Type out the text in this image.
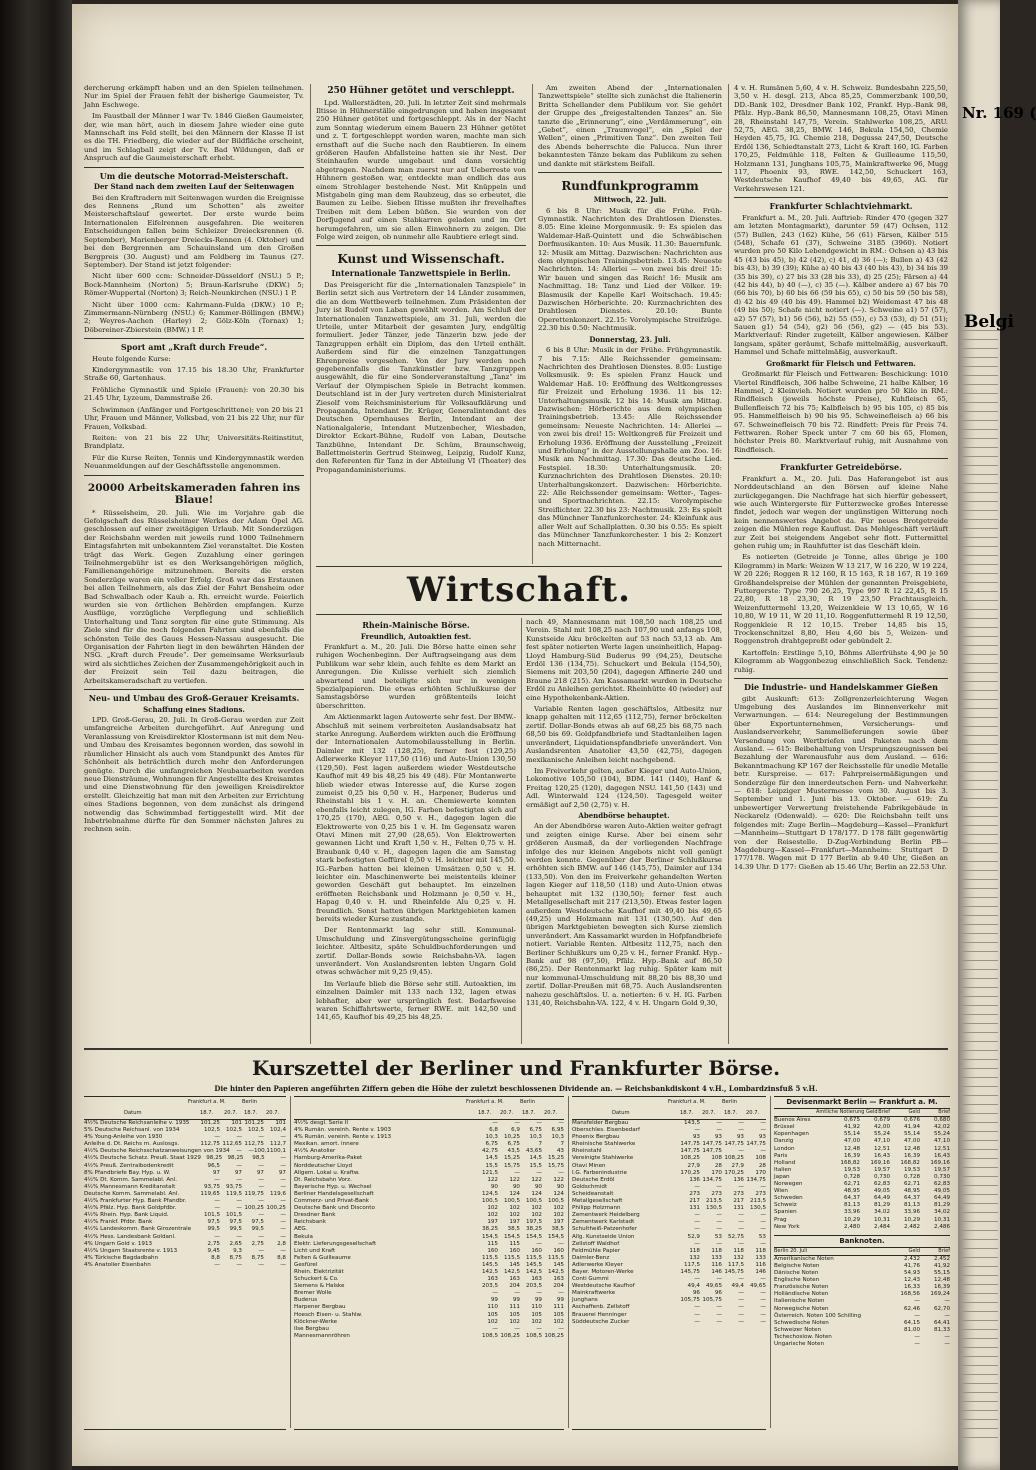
dercherung erkämpft haben und an den Spielen teilnehmen. Nur im Spiel der Frauen fehlt der bisherige Gaumeister, Tv. Jahn Eschwege.

Im Faustball der Männer I war Tv. 1846 Gießen Gaumeister, der, wie man hört, auch in diesem Jahre wieder eine gute Mannschaft ins Feld stellt, bei den Männern der Klasse II ist es die TH. Friedberg, die wieder auf der Bildfläche erscheint, und im Schlagball zeigt der Tv. Bad Wildungen, daß er Anspruch auf die Gaumeisterschaft erhebt.

Um die deutsche Motorrad-Meisterschaft.
Der Stand nach dem zweiten Lauf der Seitenwagen

Bei den Kraftradern mit Seitenwagen wurden die Ereignisse des Rennens „Rund um Schotten“ als zweiter Meisterschaftslauf gewertet. Der erste wurde beim Internationalen Eifelrennen ausgefahren. Die weiteren Entscheidungen fallen beim Schleizer Dreiecksrennen (6. September), Marienberger Dreiecks-Rennen (4. Oktober) und bei den Bergrennen am Schauinsland um den Großen Bergpreis (30. August) und am Feldberg im Taunus (27. September). Der Stand ist jetzt folgender:

Nicht über 600 ccm: Schneider-Düsseldorf (NSU.) 5 P.; Bock-Mannheim (Norton) 5; Braun-Karlsruhe (DKW.) 5; Römer-Wuppertal (Norton) 3; Reich-Neunkirchen (NSU.) 1 P.

Nicht über 1000 ccm: Kahrmann-Fulda (DKW.) 10 P.; Zimmermann-Nürnberg (NSU.) 6; Kammer-Böllingen (BMW.) 2; Weyres-Aachen (Harley) 2; Gölz-Köln (Tornax) 1; Döbereiner-Zbierstein (BMW.) 1 P.

Sport amt „Kraft durch Freude“.

Heute folgende Kurse:

Kindergymnastik: von 17.15 bis 18.30 Uhr, Frankfurter Straße 60, Gartenhaus.

Fröhliche Gymnastik und Spiele (Frauen): von 20.30 bis 21.45 Uhr, Lyzeum, Dammstraße 26.

Schwimmen (Anfänger und Fortgeschrittene): von 20 bis 21 Uhr, Frauen und Männer, Volksbad, von 21 bis 22 Uhr, nur für Frauen, Volksbad.

Reiten: von 21 bis 22 Uhr, Universitäts-Reitinstitut, Brandplatz.

Für die Kurse Reiten, Tennis und Kindergymnastik werden Neuanmeldungen auf der Geschäftsstelle angenommen.

20000 Arbeitskameraden fahren ins Blaue!

* Rüsselsheim, 20. Juli. Wie im Vorjahre gab die Gefolgschaft des Rüsselsheimer Werkes der Adam Opel AG. geschlossen auf einer zweitägigen Urlaub. Mit Sonderzügen der Reichsbahn werden mit jeweils rund 1000 Teilnehmern Eintagsfahrten mit unbekanntem Ziel veranstaltet. Die Kosten trägt das Werk. Gegen Zuzahlung einer geringen Teilnehmergebühr ist es den Werksangehörigen möglich, Familienangehörige mitzunehmen. Bereits die ersten Sonderzüge waren ein voller Erfolg. Groß war das Erstaunen bei allen Teilnehmern, als das Ziel der Fahrt Bensheim oder Bad Schwalbach oder Kaub a. Rh. erreicht wurde. Feierlich wurden sie von örtlichen Behörden empfangen. Kurze Ausflüge, vorzügliche Verpflegung und schließlich Unterhaltung und Tanz sorgten für eine gute Stimmung. Als Ziele sind für die noch folgenden Fahrten sind ebenfalls die schönsten Teile des Gaues Hessen-Nassau ausgesucht. Die Organisation der Fahrten liegt in den bewährten Händen der NSG. „Kraft durch Freude“. Der gemeinsame Werksurlaub wird als sichtliches Zeichen der Zusammengehörigkeit auch in der Freizeit sein Teil dazu beitragen, die Arbeitskameradschaft zu vertiefen.

Neu- und Umbau des Groß-Gerauer Kreisamts.
Schaffung eines Stadions.

LPD. Groß-Gerau, 20. Juli. In Groß-Gerau werden zur Zeit umfangreiche Arbeiten durchgeführt. Auf Anregung und Veranlassung von Kreisdirektor Klostermann ist mit dem Neu- und Umbau des Kreisamtes begonnen worden, das sowohl in räumlicher Hinsicht als auch vom Standpunkt des Amtes für Schönheit als beträchtlich durch mehr den Anforderungen genügte. Durch die umfangreichen Neubauarbeiten werden neue Diensträume, Wohnungen für Angestellte des Kreisamtes und eine Dienstwohnung für den jeweiligen Kreisdirektor erstellt. Gleichzeitig hat man mit den Arbeiten zur Errichtung eines Stadions begonnen, von dem zunächst als dringend notwendig das Schwimmbad fertiggestellt wird. Mit der Inbetriebnahme dürfte für den Sommer nächsten Jahres zu rechnen sein.

250 Hühner getötet und verschleppt.

Lpd. Wallerstädten, 20. Juli. In letzter Zeit sind mehrmals Iltisse in Hühnerställe eingedrungen und haben insgesamt 250 Hühner getötet und fortgeschleppt. Als in der Nacht zum Sonntag wiederum einem Bauern 23 Hühner getötet und z. T. fortgeschleppt worden waren, machte man sich ernsthaft auf die Suche nach den Raubtieren. In einem größeren Haufen Abfallsteine hatten sie ihr Nest. Der Steinhaufen wurde umgebaut und dann vorsichtig abgetragen. Nachdem man zuerst nur auf Ueberreste von Hühnern gestoßen war, entdeckte man endlich das aus einem Strohlager bestehende Nest. Mit Knüppeln und Mistgabeln ging man dem Raubzeug, das so erbeutet, die Baumen zu Leibe. Sieben Iltisse mußten ihr frevelhaftes Treiben mit dem Leben büßen. Sie wurden von der Dorfjugend auf einen Stabkarren geladen und im Ort herumgefahren, um sie allen Einwohnern zu zeigen. Die Folge wird zeigen, ob nunmehr alle Raubtiere erlegt sind.

Kunst und Wissenschaft.
Internationale Tanzwettspiele in Berlin.

Das Preisgericht für die „Internationalen Tanzspiele“ in Berlin setzt sich aus Vertretern der 14 Länder zusammen, die an dem Wettbewerb teilnehmen. Zum Präsidenten der Jury ist Rudolf von Laban gewählt worden. Am Schluß der Internationalen Tanzwettspiele, am 31. Juli, werden die Urteile, unter Mitarbeit der gesamten Jury, endgültig formuliert. Jeder Tänzer, jede Tänzerin bzw. jede der Tanzgruppen erhält ein Diplom, das den Urteil enthält. Außerdem sind für die einzelnen Tanzgattungen Ehrenpreise vorgesehen. Von der Jury werden noch gegebenenfalls die Tanzkünstler bzw. Tanzgruppen ausgewählt, die für eine Sonderveranstaltung „Tanz“ im Verlauf der Olympischen Spiele in Betracht kommen. Deutschland ist in der Jury vertreten durch Ministerialrat Ziesolf vom Reichsministerium für Volksaufklärung und Propaganda, Intendant Dr. Krüger, Generalintendant des Deutschen Opernhauses Berlin, Intendant an der Nationalgalerie, Intendant Mutzenbecher, Wiesbaden, Direktor Eckart-Bühne, Rudolf von Laban, Deutsche Tanzbühne, Intendant Dr. Schüm, Braunschweig, Ballettmeisterin Gertrud Steinweg, Leipzig, Rudolf Kunz, den Referenten für Tanz in der Abteilung VI (Theater) des Propagandaministeriums.

Am zweiten Abend der „Internationalen Tanzwettspiele“ stellte sich zunächst die Italienerin Britta Schellander dem Publikum vor. Sie gehört der Gruppe des „freigestaltenden Tanzes“ an. Sie tanzte die „Erinnerung“, eine „Verdämmerung“, ein „Gebet“, einen „Traumvogel“, ein „Spiel der Wellen“, einen „Primitiven Tanz“. Den zweiten Teil des Abends beherrschte die Palucca. Nun ihrer bekanntesten Tänze bekam das Publikum zu sehen und dankte mit stärkstem Beifall.

Rundfunkprogramm
Mittwoch, 22. Juli.

6 bis 8 Uhr: Musik für die Frühe. Früh-Gymnastik. Nachrichten des Drahtlosen Dienstes. 8.05: Eine kleine Morgenmusik. 9: Es spielen das Waldemar-Haß-Quintett und die Schwäbischen Dorfmusikanten. 10: Aus Musik. 11.30: Bauernfunk. 12: Musik am Mittag. Dazwischen: Nachrichten aus dem olympischen Trainingsbetrieb. 13.45: Neueste Nachrichten. 14: Allerlei — von zwei bis drei! 15: Wir bauen und singen das Reich! 16: Musik am Nachmittag. 18: Tanz und Lied der Völker. 19: Blasmusik der Kapelle Karl Woitschach. 19.45: Dazwischen Hörberichte. 20: Kurznachrichten des Drahtlosen Dienstes. 20.10: Bunte Operettenkonzert. 22.15: Vorolympische Streifzüge. 22.30 bis 0.50: Nachtmusik.

Donnerstag, 23. Juli.

6 bis 8 Uhr: Musik in der Frühe. Frühgymnastik. 7 bis 7.15: Alle Reichssender gemeinsam: Nachrichten des Drahtlosen Dienstes. 8.05: Lustige Volksmusik. 9: Es spielen Franz Hauck und Waldemar Haß. 10: Eröffnung des Weltkongresses für Freizeit und Erholung 1936. 11 bis 12: Unterhaltungsmusik. 12 bis 14: Musik am Mittag. Dazwischen: Hörberichte aus dem olympischen Trainingsbetrieb. 13.45: Alle Reichssender gemeinsam: Neueste Nachrichten. 14: Allerlei — von zwei bis drei! 15: Weltkongreß für Freizeit und Erholung 1936. Eröffnung der Ausstellung „Freizeit und Erholung“ in der Ausstellungshalle am Zoo. 16: Musik am Nachmittag. 17.30: Das deutsche Lied. Festspiel. 18.30: Unterhaltungsmusik. 20: Kurznachrichten des Drahtlosen Dienstes. 20.10: Unterhaltungskonzert. Dazwischen: Hörberichte. 22: Alle Reichssender gemeinsam: Wetter-, Tages- und Sportnachrichten. 22.15: Vorolympische Streiflichter. 22.30 bis 23: Nachtmusik. 23: Es spielt das Münchner Tanzfunkorchester. 24: Kleinfunk aus aller Welt auf Schallplatten. 0.30 bis 0.55: Es spielt das Münchner Tanzfunkorchester. 1 bis 2: Konzert nach Mitternacht.

4 v. H. Rumänen 5,60, 4 v. H. Schweiz. Bundesbahn 225,50, 3,50 v. H. desgl. 213, Abca 85,25, Commerzbank 100,50, DD.-Bank 102, Dresdner Bank 102, Frankf. Hyp.-Bank 98, Pfälz. Hyp.-Bank 86,50, Mannesmann 108,25, Otavi Minen 28, Rheinstahl 147,75, Verein. Stahlwerke 108,25, ARU. 52,75, AEG. 38,25, BMW. 146, Bekula 154,50, Chemie Heyden 45,75, IG. Chemie 218, Degussa 247,50, Deutsche Erdöl 136, Schiedtanstalt 273, Licht & Kraft 160, IG. Farben 170,25, Feldmühle 118, Felten & Guilleaume 115,50, Holzmann 131, Junghans 105,75, Mainkraftwerke 96, Mugg 117, Phoenix 93, RWE. 142,50, Schuckert 163, Westdeutsche Kaufhof 49,40 bis 49,65, AG. für Verkehrswesen 121.

Frankfurter Schlachtviehmarkt.

Frankfurt a. M., 20. Juli. Auftrieb: Rinder 470 (gegen 327 am letzten Montagmarkt), darunter 59 (47) Ochsen, 112 (57) Bullen, 243 (162) Kühe, 56 (61) Färsen, Kälber 515 (548), Schafe 61 (37), Schweine 3185 (3960). Notiert wurden pro 50 Kilo Lebendgewicht in RM.: Ochsen a) 43 bis 45 (43 bis 45), b) 42 (42), c) 41, d) 36 (—); Bullen a) 43 (42 bis 43), b) 39 (39); Kühe a) 40 bis 43 (40 bis 43), b) 34 bis 39 (35 bis 39), c) 27 bis 33 (28 bis 33), d) 25 (25); Färsen a) 44 (42 bis 44), b) 40 (—), c) 35 (—). Kälber andere a) 67 bis 70 (66 bis 70), b) 60 bis 66 (59 bis 65), c) 50 bis 59 (50 bis 58), d) 42 bis 49 (40 bis 49). Hammel b2) Weidemast 47 bis 48 (49 bis 50); Schafe nicht notiert (—). Schweine a1) 57 (57), a2) 57 (57), b1) 56 (56), b2) 55 (55), c) 53 (53), d) 51 (51); Sauen g1) 54 (54), g2) 56 (56), g2) — (45 bis 53). Marktverlauf: Rinder zugeteilt, Kälber angewiesen. Kälber langsam, später geräumt, Schafe mittelmäßig, ausverkauft. Hammel und Schafe mittelmäßig, ausverkauft.

Großmarkt für Fleisch und Fettwaren.

Großmarkt für Fleisch und Fettwaren: Beschickung: 1010 Viertel Rindfleisch, 306 halbe Schweine, 21 halbe Kälber, 16 Hammel, 2 Kleinvieh. Notiert wurden pro 50 Kilo in RM.: Rindfleisch (jeweils höchste Preise), Kuhfleisch 65, Bullenfleisch 72 bis 75; Kalbfleisch b) 95 bis 105, c) 85 bis 95. Hammelfleisch b) 90 bis 95. Schweinefleisch a) 66 bis 67. Schweinefleisch 70 bis 72. Rindfett: Preis für Preis 74. Fettwaren. Roher Speck unter 7 cm 60 bis 65, Flomen, höchster Preis 80. Marktverlauf ruhig, mit Ausnahme von Rindfleisch.

Frankfurter Getreidebörse.

Frankfurt a. M., 20. Juli. Das Haferangebot ist aus Norddeutschland an den Börsen auf kleine Nahe zurückgegangen. Die Nachfrage hat sich hierfür gebessert, wie auch Wintergerste für Futterzwecke großes Interesse findet, jedoch war wegen der ungünstigen Witterung noch kein nennenswertes Angebot da. Für neues Brotgetreide zeigen die Mühlen rege Kauflust. Das Mehlgeschäft verläuft zur Zeit bei steigendem Angebot sehr flott. Futtermittel gehen ruhig um; in Rauhfutter ist das Geschäft klein.

Es notierten (Getreide je Tonne, alles übrige je 100 Kilogramm) in Mark: Weizen W 13 217, W 16 220, W 19 224, W 20 226; Roggen R 12 160, R 15 163, R 18 167, R 19 169 Großhandelspreise der Mühlen der genannten Preisgebiete, Futtergerste: Type 790 26,25, Type 997 R 12 22,45, R 15 22,80, R 18 23,30, R 19 23,50 Frachtausgleich. Weizenfuttermehl 13,20, Weizenkleie W 13 10,65, W 16 10,80, W 19 11, W 20 11,10. Roggenfuttermehl R 19 12,50, Roggenkleie R 12 10,15. Treber 14,85 bis 15, Trockenschnitzel 8,80, Heu 4,60 bis 5, Weizen- und Roggenstroh drahtgepreßt oder gebündelt 2.

Kartoffeln: Erstlinge 5,10, Böhms Allerfrühste 4,90 je 50 Kilogramm ab Waggonbezug einschließlich Sack. Tendenz: ruhig.

Die Industrie- und Handelskammer Gießen

gibt Auskunft: 613: Zollgrenzerleichterung Wegen Umgebung des Auslandes im Binnenverkehr mit Verwarnungen. — 614: Neuregelung der Bestimmungen über Exportunternehmen, Versicherungs- und Auslandserverkehr, Sammellieferungen sowie über Versendung von Wertbriefen und Paketen nach dem Ausland. — 615: Beibehaltung von Ursprungszeugnissen bei Bezahlung der Warenausfuhr aus dem Ausland. — 616: Bekanntmachung KP 167 der Reichsstelle für unedle Metalle betr. Kurspreise. — 617: Fahrpreisermäßigungen und Sonderzüge für den innerdeutschen Fern- und Nahverkehr. — 618: Leipziger Mustermesse vom 30. August bis 3. September und 1. Juni bis 13. Oktober. — 619: Zu unbewertiger Verwertung freistehende Fabrikgebäude in Neckarelz (Odenwald). — 620: Die Reichsbahn teilt uns folgendes mit: Zuge Berlin—Magdeburg—Kassel—Frankfurt—Mannheim—Stuttgart D 178/177. D 178 fällt gegenwärtig von der Reisestelle. D-Zug-Verbindung Berlin PB—Magdeburg—Kassel—Frankfurt—Mannheim: Stuttgart D 177/178. Wagen mit D 177 Berlin ab 9.40 Uhr, Gießen an 14.39 Uhr. D 177: Gießen ab 15.46 Uhr, Berlin an 22.53 Uhr.

Wirtschaft.
Rhein-Mainische Börse.
Freundlich, Autoaktien fest.

Frankfurt a. M., 20. Juli. Die Börse hatte einen sehr ruhigen Wochenbeginn. Der Auftragseingang aus dem Publikum war sehr klein, auch fehlte es dem Markt an Anregungen. Die Kulisse verhielt sich ziemlich abwartend und beteiligte sich nur in wenigen Spezialpapieren. Die etwas erhöhten Schlußkurse der Samstagsbörse wurden größtenteils leicht überschritten.

Am Aktienmarkt lagen Autowerte sehr fest. Der BMW.-Abschluß mit seinem verbreiteten Auslandsabsatz hat starke Anregung. Außerdem wirkten auch die Eröffnung der Internationalen Automobilausstellung in Berlin. Daimler mit 132 (128,25), ferner fest (129,25) Adlerwerke Kleyer 117,50 (116) und Auto-Union 130,50 (129,50). Fest lagen außerdem wieder Westdeutsche Kaufhof mit 49 bis 48,25 bis 49 (48). Für Montanwerte blieb wieder etwas Interesse auf, die Kurse zogen zumeist 0,25 bis 0,50 v. H., Harpener, Buderus und Rheinstahl bis 1 v. H. an. Chemiewerte konnten ebenfalls leicht zulegen, IG. Farben befestigten sich auf 170,25 (170), AEG. 0,50 v. H., dagegen lagen die Elektrowerte von 0,25 bis 1 v. H. Im Gegensatz waren Otavi Minen mit 27,90 (28,65). Von Elektrowerten gewannen Licht und Kraft 1,50 v. H., Felten 0,75 v. H. Braubank 0,40 v. H., dagegen lagen die am Samstag stark befestigten Geffürel 0,50 v. H. leichter mit 145,50. IG.-Farben hatten bei kleinen Umsätzen 0,50 v. H. leichter ein. Maschinenwerte bei meistenteils kleiner geworden Geschäft gut behauptet. Im einzelnen eröffneten Reichsbank und Holzmann je 0,50 v. H., Hapag 0,40 v. H. und Rheinfelde Alu 0,25 v. H. freundlich. Sonst hatten übrigen Marktgebieten kamen bereits wieder Kurse zustande.

Der Rentenmarkt lag sehr still. Kommunal-Umschuldung und Zinsvergütungsscheine gerinfügig leichter. Altbesitz, späte Schuldbuchforderungen und zertif. Dollar-Bonds sowie Reichsbahn-VA. lagen unverändert. Von Auslandsrenten lebten Ungarn Gold etwas schwächer mit 9,25 (9,45).

Im Verlaufe blieb die Börse sehr still. Autoaktien, im einzelnen Daimler mit 133 nach 132, lagen etwas lebhafter, aber wer ursprünglich fest. Bedarfsweise waren Schiffahrtswerte, ferner RWE. mit 142,50 und 141,65, Kaufhof bis 49,25 bis 48,25.

nach 49, Mannesmann mit 108,50 nach 108,25 und Verein. Stahl mit 108,25 nach 107,90 und anfangs 108, Kunstseide Aku bröckelten auf 53 nach 53,13 ab. Am fest später notierten Werte lagen uneinheitlich, Hapag-Lloyd Hamburg-Süd Buderus 99 (94,25), Deutsche Erdöl 136 (134,75). Schuckert und Bekula (154,50), Siemens mit 203,50 (204), dagegen Affinerie 240 und Braune 218 (215). Am Kassamarkt wurden in Deutsche Erdöl zu Anleihen gerichtet. Rheinhütte 40 (wieder) auf eine Hypothekenbank-Aktien.

Variable Renten lagen geschäftslos, Altbesitz nur knapp gehalten mit 112,65 (112,75), ferner bröckelten zertif. Dollar-Bonds etwas ab auf 68,25 bis 68,75 nach 68,50 bis 69. Goldpfandbriefe und Stadtanleihen lagen unverändert, Liquidationspfandbriefe unverändert. Von Auslandsrenten Anatolier 43,50 (42,75), dagegen mexikanische Anleihen leicht nachgebend.

Im Freiverkehr gelten, außer Kieger und Auto-Union, Lokomotive 105,50 (104), BDM. 141 (140), Hanf & Freitag 120,25 (120), dagegen NSU. 141,50 (143) und Adl. Winterwald 124 (124,50). Tagesgeld weiter ermäßigt auf 2,50 (2,75) v. H.

Abendbörse behauptet.

An der Abendbörse waren Auto-Aktien weiter gefragt und zeigten einige Kurse. Aber bei einem sehr größeren Ausmaß, da der vorliegenden Nachfrage infolge des nur kleinen Angebots nicht voll genügt werden konnte. Gegenüber der Berliner Schlußkurse erhöhten sich BMW. auf 146 (145,75), Daimler auf 134 (133,50). Von den im Freiverkehr gehandelten Werten lagen Kieger auf 118,50 (118) und Auto-Union etwas behauptet mit 132 (130,50); ferner fest auch Metallgesellschaft mit 217 (213,50). Etwas fester lagen außerdem Westdeutsche Kaufhof mit 49,40 bis 49,65 (49,25) und Holzmann mit 131 (130,50). Auf den übrigen Marktgebieten bewegten sich Kurse ziemlich unverändert. Am Kassamarkt wurden in Hofpfandbriefe notiert. Variable Renten. Altbesitz 112,75, nach den Berliner Schlußkurs um 0,25 v. H., ferner Frankf. Hyp.-Bank auf 98 (97,50), Pfälz. Hyp.-Bank auf 86,50 (86,25). Der Rentenmarkt lag ruhig. Später kam mit nur kommunal-Umschuldung mit 88,20 bis 88,30 und zertif. Dollar-Preußen mit 68,75. Auch Auslandsrenten nahezu geschäftslos. U. a. notierten: 6 v. H. IG. Farben 131,40, Reichsbahn-VA. 122, 4 v. H. Ungarn Gold 9,30,

Kurszettel der Berliner und Frankfurter Börse.
Die hinter den Papieren angeführten Ziffern geben die Höhe der zuletzt beschlossenen Dividende an. — Reichsbankdiskont 4 v.H., Lombardzinsfuß 5 v.H.
Frankfurt a. M.	Berlin
Datum	18.7. 20.7. 18.7. 20.7.
4½% Deutsche Reichsanleihe v. 1935	101,25	101 101,25	101
5% Deutsche Reichsanl. von 1934	102,5	102,5	102,5	102,4
4% Young-Anleihe von 1930	—	—	—	—
Anleihe d. Dt. Reichs m. Auslosgs.	112,75 112,65 112,75	112,7
4½% Deutsche Reichsschatzanweisungen von 1934	—	— 100,1 100,1
4½% Deutsche Schatz. Preuß. Staat 1929 98,25 98,25	98,5	—
4½% Preuß. Zentralbodenkredit	96,5	—	—	—
8% Pfandbriefe Bay. Hyp. u. W.	97	97	97	97
4½% Dt. Komm. Sammelabl. Anl.	—	—	—	—
4½% Mannesmann Kreditanstalt	93,75	93,75	—	—
Deutsche Komm. Sammelabl. Anl.	119,65	119,5 119,75	119,6
4½% Frankfurter Hyp. Bank Pfandbr.	—	—	—	—
4½% Pfälz. Hyp. Bank Goldpfdbr.	—	— 100,25 100,25
4½% Rhein. Hyp. Bank Liquid.	101,5	101,5	—	—
4½% Frankf. Pfdbr. Bank	97,5	97,5	97,5	—
4½% Landeskomm. Bank Girozentrale	99,5	99,5	99,5	—
4½% Hess. Landesbank Goldanl.	—	—	—	—
4% Ungarn Gold v. 1913	2,75	2,65	2,75	2,8
4½% Ungarn Staatsrente v. 1913	9,45	9,3	—	—
4% Türkische Bagdadbahn	8,8	8,75	8,75	8,8
4% Anatolier Eisenbahn	—	—	—	—
Frankfurt a. M.	Berlin
18.7. 20.7. 18.7. 20.7.
4½% desgl. Serie II	—	—	—	—
4% Rumän. vereinh. Rente v. 1903	6,8	6,9	6,75	6,95
4% Rumän. vereinh. Rente v. 1913	10,3	10,25	10,3	10,3
Mexikan. amort. innere	6,75	6,75	7	7
4½% Anatolier	42,75	43,5	43,65	43
Hamburg-Amerika-Paket	14,5	15,25	14,5	15,25
Norddeutscher Lloyd	15,5	15,75	15,5	15,75
Allgem. Lokal u. Kraftw.	121,5	—	—	—
Dt. Reichsbahn Vorz.	122	122	122	122
Bayerische Hyp. u. Wechsel	90	90	90	90
Berliner Handelsgesellschaft	124,5	124	124	124
Commerz- und Privat-Bank	100,5	100,5	100,5	100,5
Deutsche Bank und Disconto	102	102	102	102
Dresdner Bank	102	102	102	102
Reichsbank	197	197	197,5	197
AEG.	38,25	38,5	38,25	38,5
Bekula	154,5	154,5	154,5	154,5
Elektr. Lieferungsgesellschaft	115	115	—	—
Licht und Kraft	160	160	160	160
Felten & Guilleaume	115,5	115,5	115,5	115,5
Gesfürel	145,5	145	145,5	145
Rhein. Elektrizität	142,5	142,5	142,5	142,5
Schuckert & Co.	163	163	163	163
Siemens & Halske	203,5	204	203,5	204
Bremer Wolle	—	—	—	—
Buderus	99	99	99	99
Harpener Bergbau	110	111	110	111
Hoesch Eisen- u. Stahlw.	105	105	105	105
Klöckner-Werke	102	102	102	102
Ilse Bergbau	—	—	—	—
Mannesmannröhren	108,5 108,25	108,5 108,25
Frankfurt a. M.	Berlin
Datum	18.7. 20.7. 18.7. 20.7.
Mansfelder Bergbau	143,5	—	—	—
Oberschles. Eisenbedarf	—	—	—	—
Phoenix Bergbau	93	93	93	93
Rheinische Stahlwerke	147,75 147,75 147,75 147,75
Rheinstahl	147,75 147,75	—	—
Vereinigte Stahlwerke	108,25	108 108,25	108
Otavi Minen	27,9	28	27,9	28
I.G. Farbenindustrie	170,25	170 170,25	170
Deutsche Erdöl	136 134,75	136 134,75
Goldschmidt	—	—	—	—
Scheideanstalt	273	273	273	273
Metallgesellschaft	217	213,5	217	213,5
Philipp Holzmann	131	130,5	131	130,5
Zementwerk Heidelberg	—	—	—	—
Zementwerk Karlstadt	—	—	—	—
Schultheiß-Patzenhofer	—	—	—	—
Allg. Kunstseide Union	52,9	53	52,75	53
Zellstoff Waldhof	—	—	—	—
Feldmühle Papier	118	118	118	118
Daimler-Benz	132	133	132	133
Adlerwerke Kleyer	117,5	116	117,5	116
Bayer. Motoren-Werke	145,75	146 145,75	146
Conti Gummi	—	—	—	—
Westdeutsche Kaufhof	49,4	49,65	49,4	49,65
Mainkraftwerke	96	96	—	—
Junghans	105,75 105,75	—	—
Aschaffenb. Zellstoff	—	—	—	—
Brauerei Henninger	—	—	—	—
Süddeutsche Zucker	—	—	—	—
Devisenmarkt Berlin — Frankfurt a. M.
Amtliche Notierung Geld Brief	Geld	Brief
Buenos Aires	0,675	0,679	0,676	0,680
Brüssel	41,92	42,00	41,94	42,02
Kopenhagen	55,14	55,24	55,14	55,24
Danzig	47,00	47,10	47,00	47,10
London	12,48	12,51	12,48	12,51
Paris	16,39	16,43	16,39	16,43
Holland	168,82	169,16	168,82	169,16
Italien	19,53	19,57	19,53	19,57
Japan	0,728	0,730	0,728	0,730
Norwegen	62,71	62,83	62,71	62,83
Wien	48,95	49,05	48,95	49,05
Schweden	64,37	64,49	64,37	64,49
Schweiz	81,13	81,29	81,13	81,29
Spanien	33,96	34,02	33,96	34,02
Prag	10,29	10,31	10,29	10,31
New York	2,480	2,484	2,482	2,486
Banknoten.
Berlin 20. Juli	Geld	Brief
Amerikanische Noten	2,432	2,452
Belgische Noten	41,76	41,92
Dänische Noten	54,93	55,15
Englische Noten	12,43	12,48
Französische Noten	16,33	16,39
Holländische Noten	168,56	169,24
Italienische Noten	—	—
Norwegische Noten	62,46	62,70
Österreich. Noten 100 Schilling	—	—
Schwedische Noten	64,15	64,41
Schweizer Noten	81,00	81,33
Tschechoslow. Noten	—	—
Ungarische Noten	—	—
Nr. 169 (
Belgi
